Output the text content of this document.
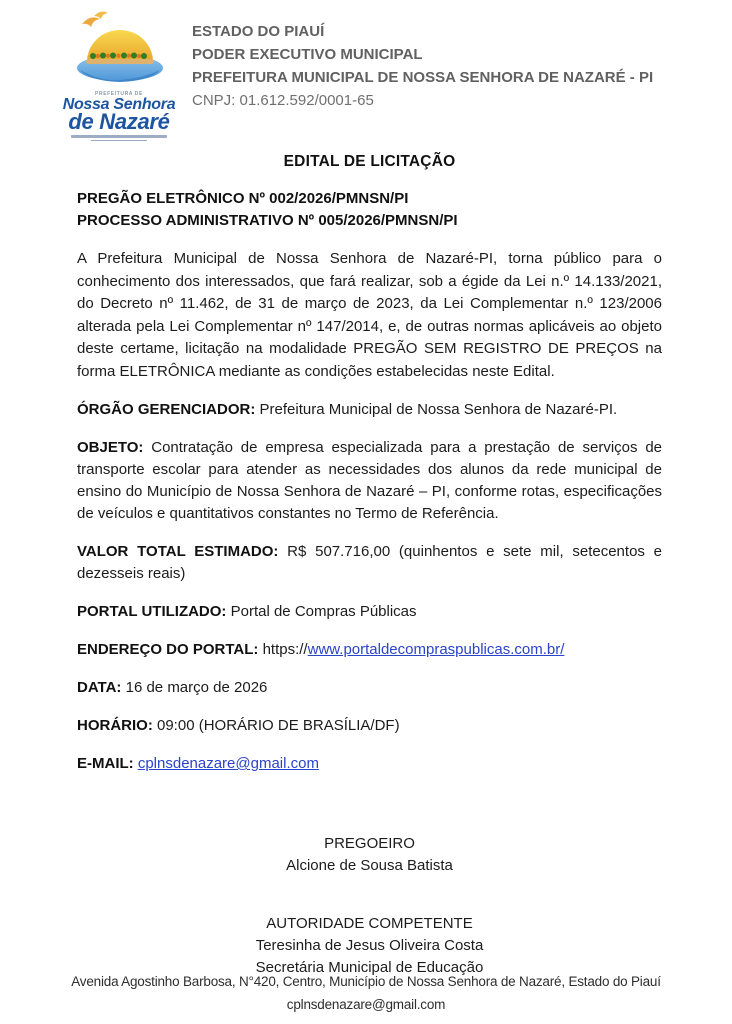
PREFEITURA DE
Nossa Senhora
de Nazaré
ESTADO DO PIAUÍ
PODER EXECUTIVO MUNICIPAL
PREFEITURA MUNICIPAL DE NOSSA SENHORA DE NAZARÉ - PI
CNPJ: 01.612.592/0001-65
EDITAL DE LICITAÇÃO
PREGÃO ELETRÔNICO Nº 002/2026/PMNSN/PI
PROCESSO ADMINISTRATIVO Nº 005/2026/PMNSN/PI

A Prefeitura Municipal de Nossa Senhora de Nazaré-PI, torna público para o conhecimento dos interessados, que fará realizar, sob a égide da Lei n.º 14.133/2021, do Decreto nº 11.462, de 31 de março de 2023, da Lei Complementar n.º 123/2006 alterada pela Lei Complementar nº 147/2014, e, de outras normas aplicáveis ao objeto deste certame, licitação na modalidade PREGÃO SEM REGISTRO DE PREÇOS na forma ELETRÔNICA mediante as condições estabelecidas neste Edital.

ÓRGÃO GERENCIADOR: Prefeitura Municipal de Nossa Senhora de Nazaré-PI.

OBJETO: Contratação de empresa especializada para a prestação de serviços de transporte escolar para atender as necessidades dos alunos da rede municipal de ensino do Município de Nossa Senhora de Nazaré – PI, conforme rotas, especificações de veículos e quantitativos constantes no Termo de Referência.

VALOR TOTAL ESTIMADO: R$ 507.716,00 (quinhentos e sete mil, setecentos e dezesseis reais)

PORTAL UTILIZADO: Portal de Compras Públicas

ENDEREÇO DO PORTAL: https://www.portaldecompraspublicas.com.br/

DATA: 16 de março de 2026

HORÁRIO: 09:00 (HORÁRIO DE BRASÍLIA/DF)

E-MAIL: cplnsdenazare@gmail.com

PREGOEIRO
Alcione de Sousa Batista
AUTORIDADE COMPETENTE
Teresinha de Jesus Oliveira Costa
Secretária Municipal de Educação
Avenida Agostinho Barbosa, N°420, Centro, Município de Nossa Senhora de Nazaré, Estado do Piauí
cplnsdenazare@gmail.com
